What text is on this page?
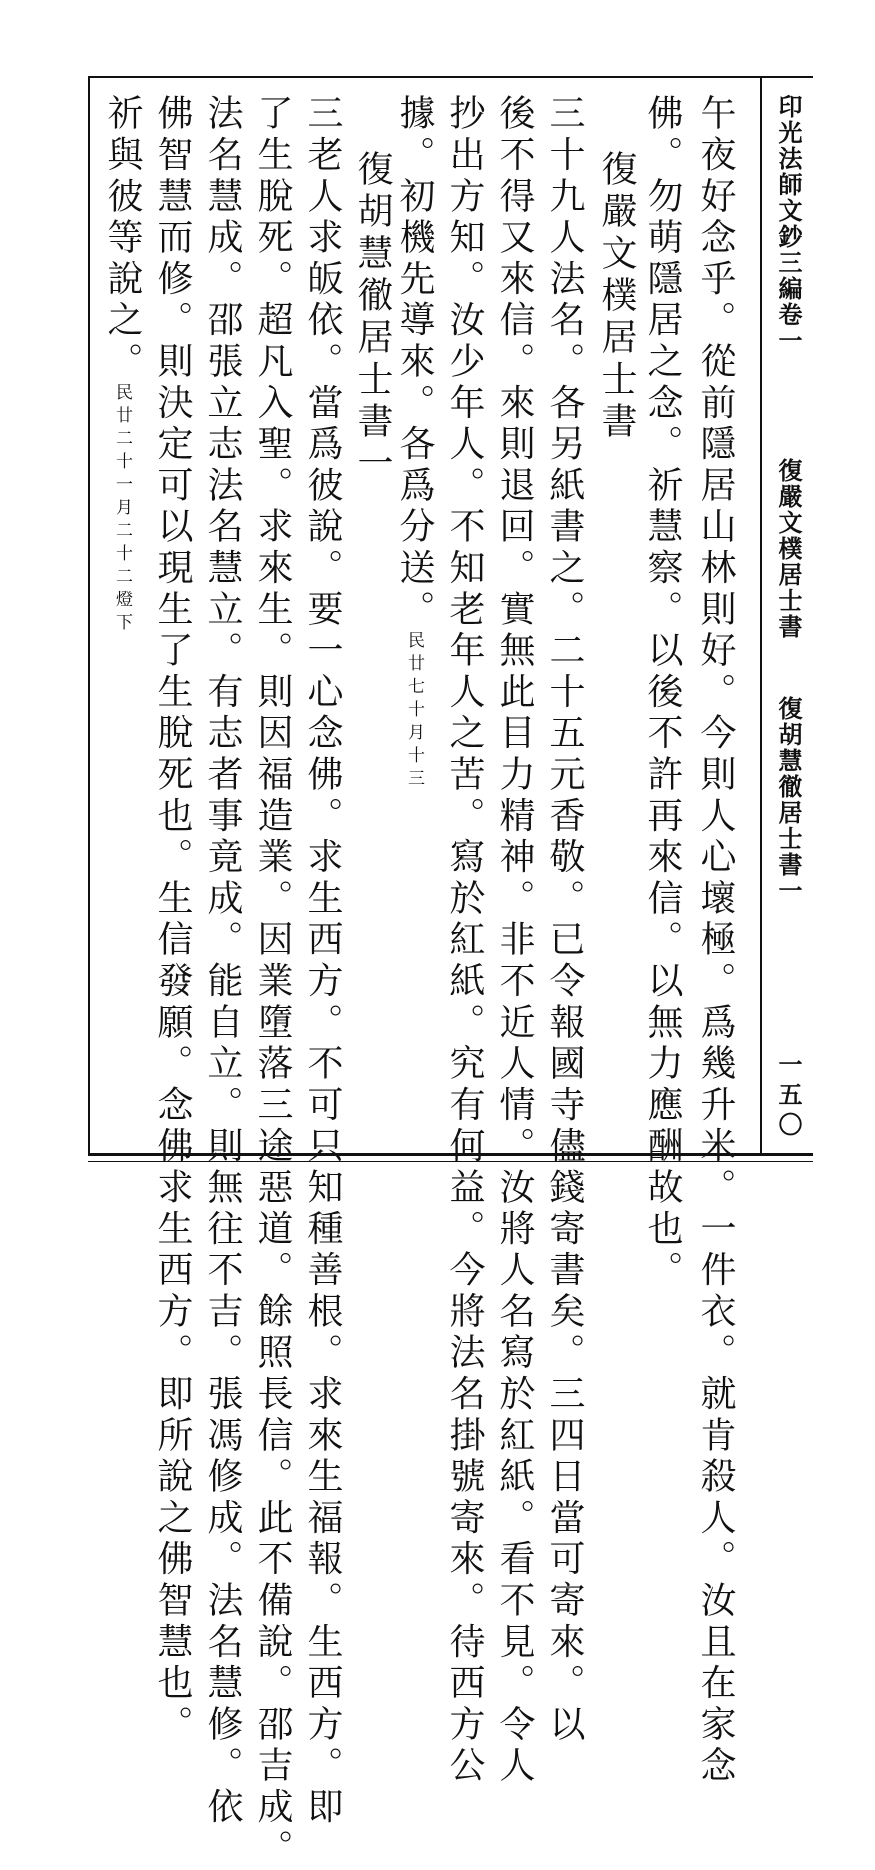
印光法師文鈔三編卷一
復嚴文樸居士書
復胡慧徹居士書一
一五〇
午夜好念乎。從前隱居山林則好。今則人心壞極。爲幾升米。一件衣。就肯殺人。汝且在家念
佛。勿萌隱居之念。祈慧察。以後不許再來信。以無力應酬故也。
復嚴文樸居士書
三十九人法名。各另紙書之。二十五元香敬。已令報國寺儘錢寄書矣。三四日當可寄來。以
後不得又來信。來則退回。實無此目力精神。非不近人情。汝將人名寫於紅紙。看不見。令人
抄出方知。汝少年人。不知老年人之苦。寫於紅紙。究有何益。今將法名掛號寄來。待西方公
據。初機先導來。各爲分送。民廿七十月十三
復胡慧徹居士書一
三老人求皈依。當爲彼說。要一心念佛。求生西方。不可只知種善根。求來生福報。生西方。即
了生脫死。超凡入聖。求來生。則因福造業。因業墮落三途惡道。餘照長信。此不備說。邵吉成。
法名慧成。邵張立志法名慧立。有志者事竟成。能自立。則無往不吉。張馮修成。法名慧修。依
佛智慧而修。則決定可以現生了生脫死也。生信發願。念佛求生西方。即所說之佛智慧也。
祈與彼等說之。民廿二十一月二十二燈下
